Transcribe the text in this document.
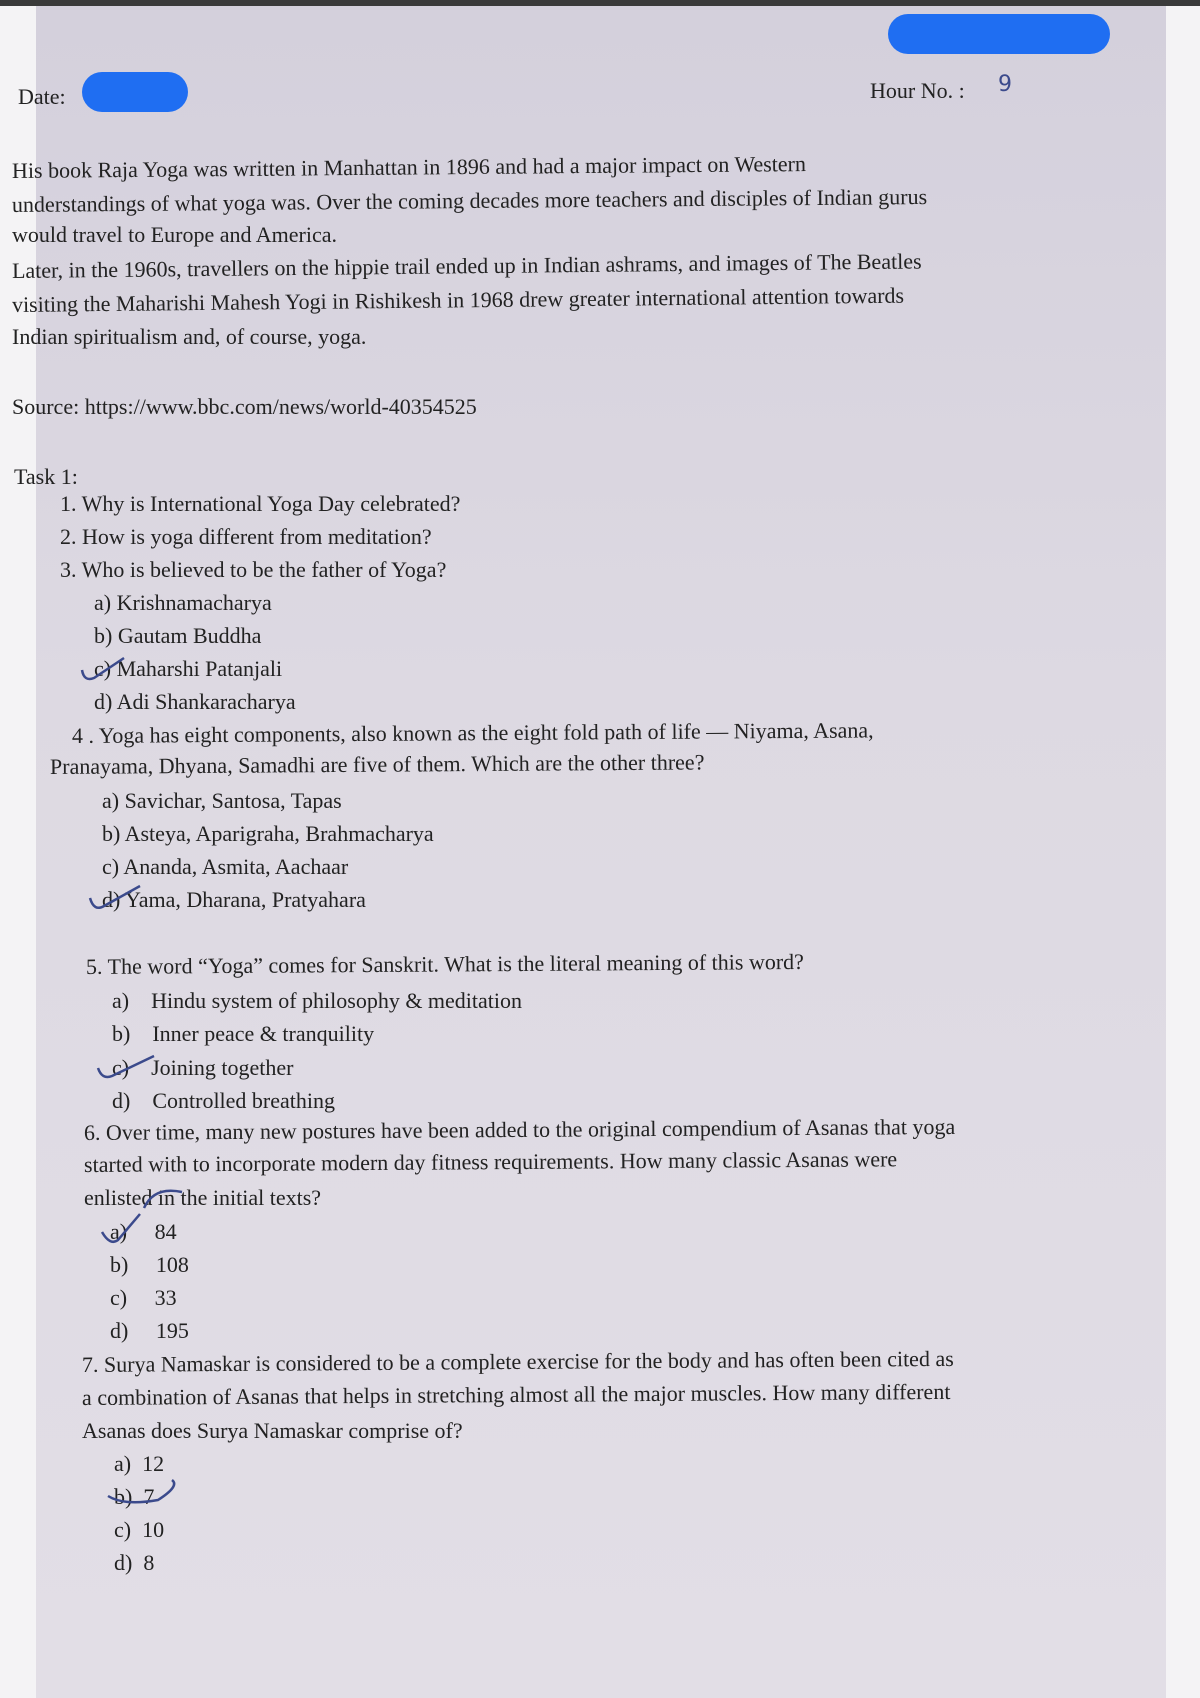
Date:	Hour No. : 9
His book Raja Yoga was written in Manhattan in 1896 and had a major impact on Western
understandings of what yoga was. Over the coming decades more teachers and disciples of Indian gurus
would travel to Europe and America.
Later, in the 1960s, travellers on the hippie trail ended up in Indian ashrams, and images of The Beatles
visiting the Maharishi Mahesh Yogi in Rishikesh in 1968 drew greater international attention towards
Indian spiritualism and, of course, yoga.
Source: https://www.bbc.com/news/world-40354525
Task 1:
1. Why is International Yoga Day celebrated?
2. How is yoga different from meditation?
3. Who is believed to be the father of Yoga?
a) Krishnamacharya
b) Gautam Buddha
c) Maharshi Patanjali
d) Adi Shankaracharya
4 . Yoga has eight components, also known as the eight fold path of life — Niyama, Asana,
Pranayama, Dhyana, Samadhi are five of them. Which are the other three?
a) Savichar, Santosa, Tapas
b) Asteya, Aparigraha, Brahmacharya
c) Ananda, Asmita, Aachaar
d) Yama, Dharana, Pratyahara
5. The word “Yoga” comes for Sanskrit. What is the literal meaning of this word?
a)    Hindu system of philosophy & meditation
b)    Inner peace & tranquility
c)    Joining together
d)    Controlled breathing
6. Over time, many new postures have been added to the original compendium of Asanas that yoga
started with to incorporate modern day fitness requirements. How many classic Asanas were
enlisted in the initial texts?
a)     84
b)     108
c)     33
d)     195
7. Surya Namaskar is considered to be a complete exercise for the body and has often been cited as
a combination of Asanas that helps in stretching almost all the major muscles. How many different
Asanas does Surya Namaskar comprise of?
a)  12
b)  7
c)  10
d)  8
